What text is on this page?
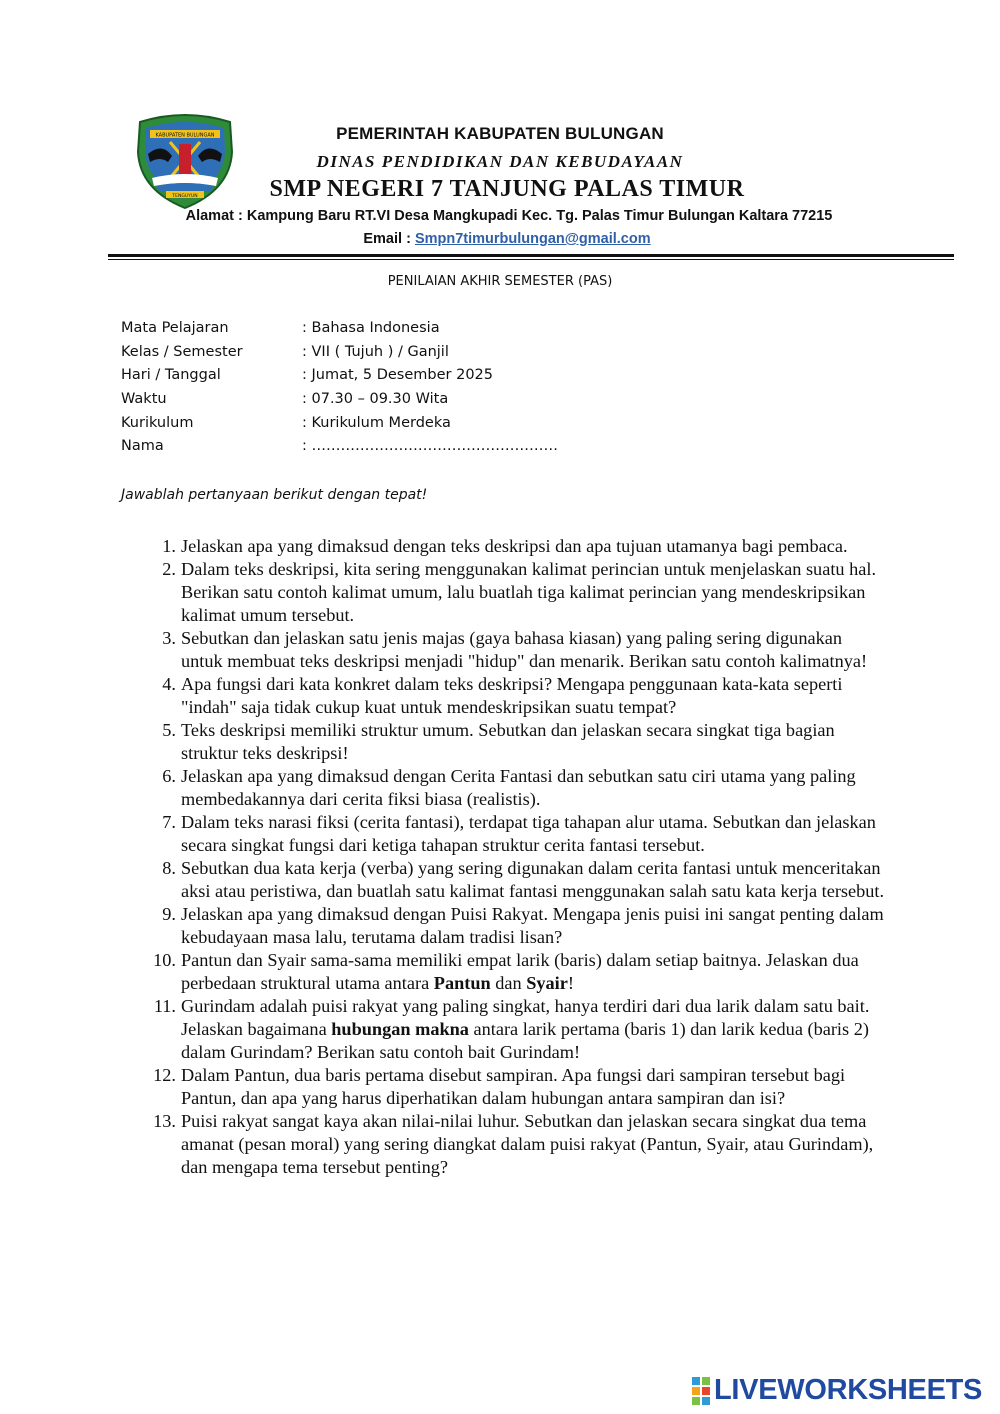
KABUPATEN BULUNGAN
TENGUYUN
PEMERINTAH KABUPATEN BULUNGAN
DINAS PENDIDIKAN DAN KEBUDAYAAN
SMP NEGERI 7 TANJUNG PALAS TIMUR
Alamat : Kampung Baru RT.VI Desa Mangkupadi Kec. Tg. Palas Timur Bulungan Kaltara 77215
Email : Smpn7timurbulungan@gmail.com
PENILAIAN AKHIR SEMESTER (PAS)
Mata Pelajaran	: Bahasa Indonesia
Kelas / Semester	: VII ( Tujuh ) / Ganjil
Hari / Tanggal	: Jumat, 5 Desember 2025
Waktu	: 07.30 – 09.30 Wita
Kurikulum	: Kurikulum Merdeka
Nama	: ……………………………………………
Jawablah pertanyaan berikut dengan tepat!
1. Jelaskan apa yang dimaksud dengan teks deskripsi dan apa tujuan utamanya bagi pembaca.
2. Dalam teks deskripsi, kita sering menggunakan kalimat perincian untuk menjelaskan suatu hal. Berikan satu contoh kalimat umum, lalu buatlah tiga kalimat perincian yang mendeskripsikan kalimat umum tersebut.
3. Sebutkan dan jelaskan satu jenis majas (gaya bahasa kiasan) yang paling sering digunakan untuk membuat teks deskripsi menjadi "hidup" dan menarik. Berikan satu contoh kalimatnya!
4. Apa fungsi dari kata konkret dalam teks deskripsi? Mengapa penggunaan kata-kata seperti "indah" saja tidak cukup kuat untuk mendeskripsikan suatu tempat?
5. Teks deskripsi memiliki struktur umum. Sebutkan dan jelaskan secara singkat tiga bagian struktur teks deskripsi!
6. Jelaskan apa yang dimaksud dengan Cerita Fantasi dan sebutkan satu ciri utama yang paling membedakannya dari cerita fiksi biasa (realistis).
7. Dalam teks narasi fiksi (cerita fantasi), terdapat tiga tahapan alur utama. Sebutkan dan jelaskan secara singkat fungsi dari ketiga tahapan struktur cerita fantasi tersebut.
8. Sebutkan dua kata kerja (verba) yang sering digunakan dalam cerita fantasi untuk menceritakan aksi atau peristiwa, dan buatlah satu kalimat fantasi menggunakan salah satu kata kerja tersebut.
9. Jelaskan apa yang dimaksud dengan Puisi Rakyat. Mengapa jenis puisi ini sangat penting dalam kebudayaan masa lalu, terutama dalam tradisi lisan?
10. Pantun dan Syair sama-sama memiliki empat larik (baris) dalam setiap baitnya. Jelaskan dua perbedaan struktural utama antara Pantun dan Syair!
11. Gurindam adalah puisi rakyat yang paling singkat, hanya terdiri dari dua larik dalam satu bait. Jelaskan bagaimana hubungan makna antara larik pertama (baris 1) dan larik kedua (baris 2) dalam Gurindam? Berikan satu contoh bait Gurindam!
12. Dalam Pantun, dua baris pertama disebut sampiran. Apa fungsi dari sampiran tersebut bagi Pantun, dan apa yang harus diperhatikan dalam hubungan antara sampiran dan isi?
13. Puisi rakyat sangat kaya akan nilai-nilai luhur. Sebutkan dan jelaskan secara singkat dua tema amanat (pesan moral) yang sering diangkat dalam puisi rakyat (Pantun, Syair, atau Gurindam), dan mengapa tema tersebut penting?
LIVEWORKSHEETS
